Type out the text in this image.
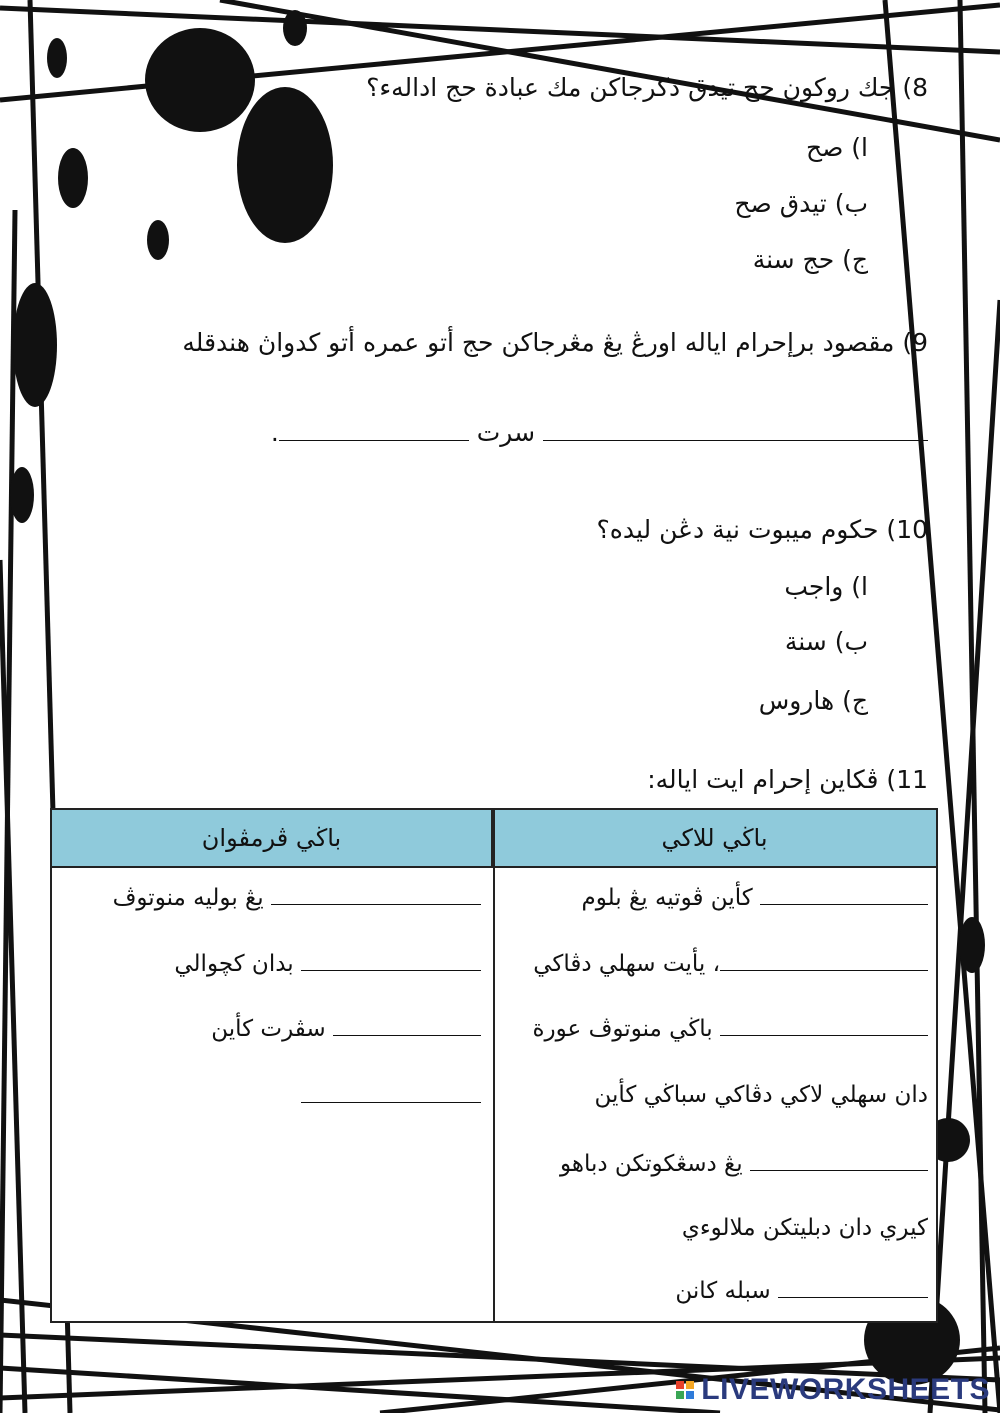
8) جك روكون حج تيدق دكرجاكن مك عبادة حج ادالهﺀ؟
ا) صح
ب) تيدق صح
ج) حج سنة
9) مقصود برإحرام اياله اورڠ يڠ مڠرجاكن حج أتو عمره أتو كدواڽ هندقله
سرت .
10) حكوم ميبوت نية دڠن ليده؟
ا) واجب
ب) سنة
ج) هاروس
11) ڤكاين إحرام ايت اياله:
باڬي للاكي
باڬي ڤرمڤوان
كأين ڤوتيه يڠ بلوم
، يأيت سهلي دڤاكي
باڬي منوتوڤ عورة
دان سهلي لاكي دڤاكي سباڬي كأين
يڠ دسڠكوتكن دباهو
كيري دان دبليتكن ملالوءي
سبله كانن
يڠ بوليه منوتوڤ
بدان كچوالي
سڤرت كأين
LIVEWORKSHEETS
